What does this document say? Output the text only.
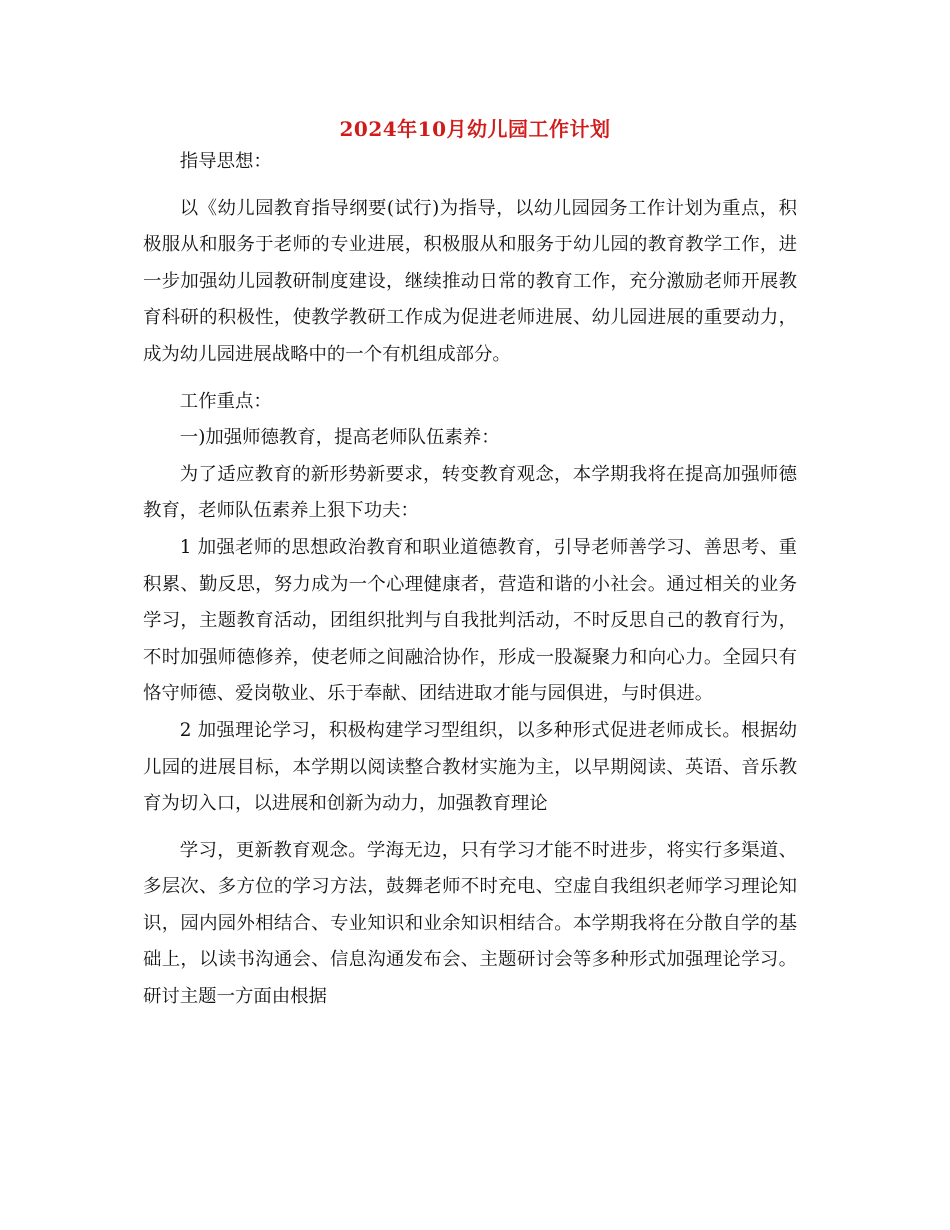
2024年10月幼儿园工作计划

指导思想：

以《幼儿园教育指导纲要(试行)为指导，以幼儿园园务工作计划为重点，积极服从和服务于老师的专业进展，积极服从和服务于幼儿园的教育教学工作，进一步加强幼儿园教研制度建设，继续推动日常的教育工作，充分激励老师开展教育科研的积极性，使教学教研工作成为促进老师进展、幼儿园进展的重要动力，成为幼儿园进展战略中的一个有机组成部分。

工作重点：

一)加强师德教育，提高老师队伍素养：

为了适应教育的新形势新要求，转变教育观念，本学期我将在提高加强师德教育，老师队伍素养上狠下功夫：

1 加强老师的思想政治教育和职业道德教育，引导老师善学习、善思考、重积累、勤反思，努力成为一个心理健康者，营造和谐的小社会。通过相关的业务学习，主题教育活动，团组织批判与自我批判活动，不时反思自己的教育行为，不时加强师德修养，使老师之间融洽协作，形成一股凝聚力和向心力。全园只有恪守师德、爱岗敬业、乐于奉献、团结进取才能与园俱进，与时俱进。

2 加强理论学习，积极构建学习型组织，以多种形式促进老师成长。根据幼儿园的进展目标，本学期以阅读整合教材实施为主，以早期阅读、英语、音乐教育为切入口，以进展和创新为动力，加强教育理论

学习，更新教育观念。学海无边，只有学习才能不时进步，将实行多渠道、多层次、多方位的学习方法，鼓舞老师不时充电、空虚自我组织老师学习理论知识，园内园外相结合、专业知识和业余知识相结合。本学期我将在分散自学的基础上，以读书沟通会、信息沟通发布会、主题研讨会等多种形式加强理论学习。研讨主题一方面由根据
